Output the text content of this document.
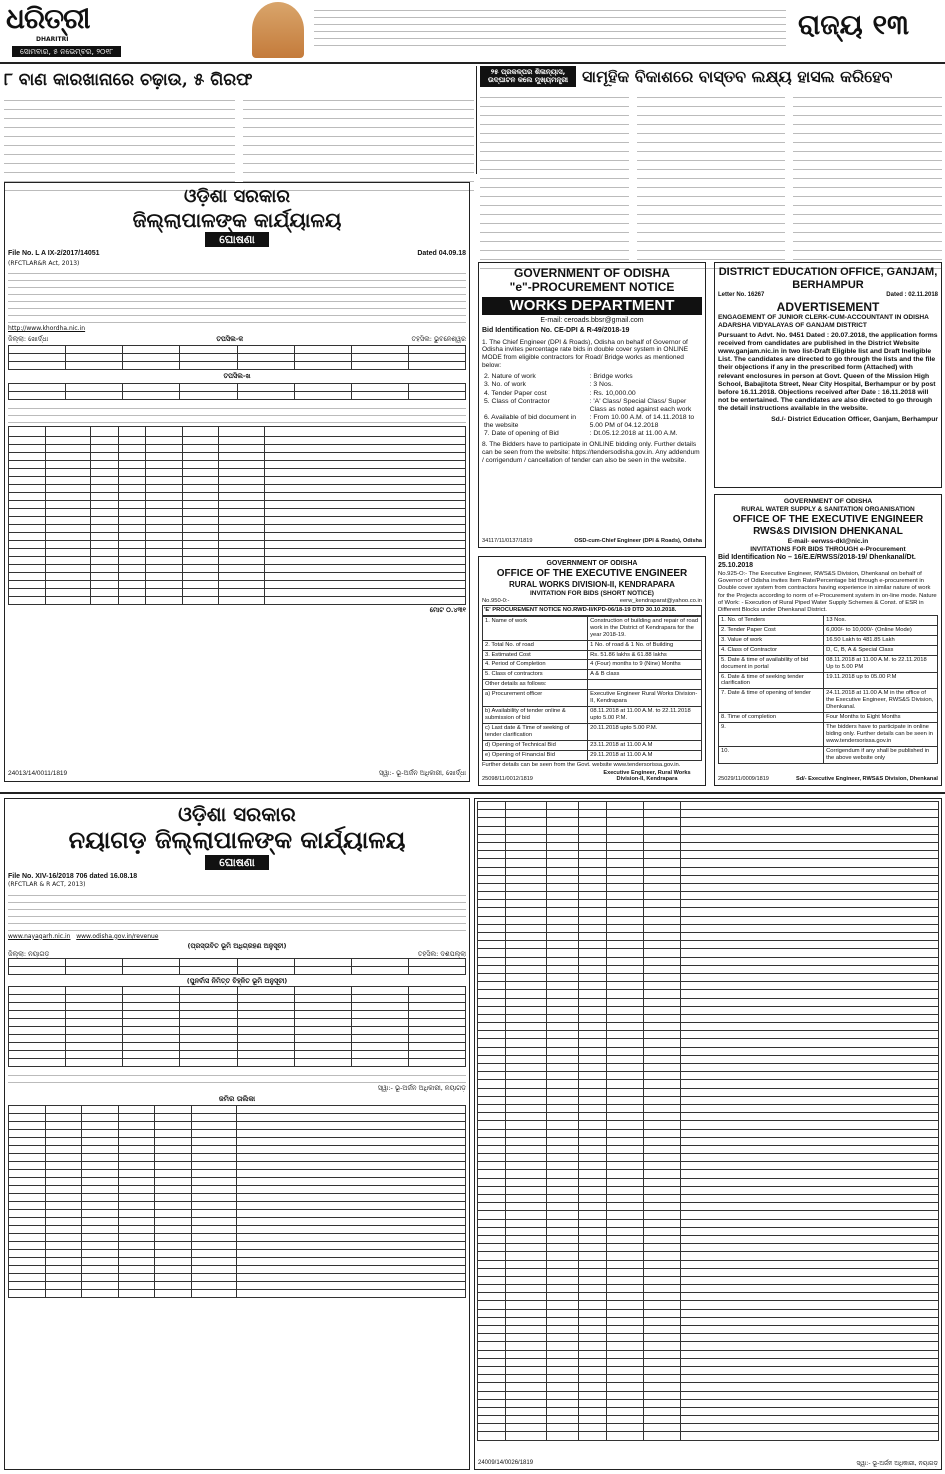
ଧରିତ୍ରୀ
DHARITRI
ସୋମବାର, ୫ ନଭେମ୍ବର, ୨୦୧୮
ରାଜ୍ୟ ୧୩
୮ ବାଣ କାରଖାନାରେ ଚଢ଼ାଉ, ୫ ଗିରଫ	୨୫ ପ୍ରକଳ୍ପର ଶିଳାନ୍ୟାସ, ଉଦ୍‌ଘାଟନ କଲେ ମୁଖ୍ୟମନ୍ତ୍ରୀ ସାମୂହିକ ବିକାଶରେ ବାସ୍ତବ ଲକ୍ଷ୍ୟ ହାସଲ କରିହେବ
ଓଡ଼ିଶା ସରକାର
ଜିଲ୍ଲାପାଳଙ୍କ କାର୍ଯ୍ୟାଳୟ
ଘୋଷଣା
File No. L A IX-2/2017/14051	Dated 04.09.18
(RFCTLAR&R Act, 2013)
http://www.khordha.nic.in
ଜିଲ୍ଲା: ଖୋର୍ଦ୍ଧା	ତପସିଲ-କ	ତହସିଲ: ଭୁବନେଶ୍ୱର

ତପସିଲ-ଖ

ମୋଟ ୦.୪୩୧
24013/14/0011/1819	ସ୍ୱା:- ଭୂ-ଅର୍ଜନ ଅଧିକାରୀ, ଖୋର୍ଦ୍ଧା
GOVERNMENT OF ODISHA
"e"-PROCUREMENT NOTICE
WORKS DEPARTMENT
E-mail: ceroads.bbsr@gmail.com
Bid Identification No. CE-DPI & R-49/2018-19
1. The Chief Engineer (DPI & Roads), Odisha on behalf of Governor of Odisha invites percentage rate bids in double cover system in ONLINE MODE from eligible contractors for Road/ Bridge works as mentioned below:
2. Nature of work	: Bridge works
3. No. of work	: 3 Nos.
4. Tender Paper cost	: Rs. 10,000.00
5. Class of Contractor	: 'A' Class/ Special Class/ Super Class as noted against each work
6. Available of bid document in the website	: From 10.00 A.M. of 14.11.2018 to 5.00 PM of 04.12.2018
7. Date of opening of Bid	: Dt.05.12.2018 at 11.00 A.M.
8. The Bidders have to participate in ONLINE bidding only. Further details can be seen from the website: https://tendersodisha.gov.in. Any addendum / corrigendum / cancellation of tender can also be seen in the website.
34117/11/0137/1819	OSD-cum-Chief Engineer (DPI & Roads), Odisha
DISTRICT EDUCATION OFFICE, GANJAM, BERHAMPUR
Letter No. 16267	Dated : 02.11.2018
ADVERTISEMENT
ENGAGEMENT OF JUNIOR CLERK-CUM-ACCOUNTANT IN ODISHA ADARSHA VIDYALAYAS OF GANJAM DISTRICT
Pursuant to Advt. No. 9451 Dated : 20.07.2018, the application forms received from candidates are published in the District Website www.ganjam.nic.in in two list-Draft Eligible list and Draft Ineligible List. The candidates are directed to go through the lists and the file their objections if any in the prescribed form (Attached) with relevant enclosures in person at Govt. Queen of the Mission High School, Babajitota Street, Near City Hospital, Berhampur or by post before 16.11.2018. Objections received after Date : 16.11.2018 will not be entertained. The candidates are also directed to go through the detail instructions available in the website.
Sd./- District Education Officer, Ganjam, Berhampur
GOVERNMENT OF ODISHA
OFFICE OF THE EXECUTIVE ENGINEER
RURAL WORKS DIVISION-II, KENDRAPARA
INVITATION FOR BIDS (SHORT NOTICE)
No.950-0:-	eerw_kendraparat@yahoo.co.in
'E' PROCUREMENT NOTICE NO.RWD-II/KPD-06/18-19 DTD 30.10.2018.
1. Name of work	Construction of building and repair of road work in the District of Kendrapara for the year 2018-19.
2. Total No. of road	1 No. of road & 1 No. of Building
3. Estimated Cost	Rs. 51.86 lakhs & 61.88 lakhs
4. Period of Completion	4 (Four) months to 9 (Nine) Months
5. Class of contractors	A & B class
Other details as follows:	
a) Procurement officer	Executive Engineer Rural Works Division-II, Kendrapara
b) Availability of tender online & submission of bid	08.11.2018 at 11.00 A.M. to 22.11.2018 upto 5.00 P.M.
c) Last date & Time of seeking of tender clarification	20.11.2018 upto 5.00 P.M.
d) Opening of Technical Bid	23.11.2018 at 11.00 A.M
e) Opening of Financial Bid	29.11.2018 at 11.00 A.M
Further details can be seen from the Govt. website www.tendersorissa.gov.in.
25098/11/0012/1819
Executive Engineer, Rural Works Division-II, Kendrapara
GOVERNMENT OF ODISHA
RURAL WATER SUPPLY & SANITATION ORGANISATION
OFFICE OF THE EXECUTIVE ENGINEER
RWS&S DIVISION DHENKANAL
E-mail- eerwss-dkl@nic.in
INVITATIONS FOR BIDS THROUGH e-Procurement
Bid Identification No – 16/E.E/RWSS/2018-19/ Dhenkanal/Dt. 25.10.2018
No.925-O:- The Executive Engineer, RWS&S Division, Dhenkanal on behalf of Governor of Odisha invites Item Rate/Percentage bid through e-procurement in Double cover system from contractors having experience in similar nature of work for the Projects according to norm of e-Procurement system in on-line mode. Nature of Work: - Execution of Rural Piped Water Supply Schemes & Const. of ESR in Different Blocks under Dhenkanal District.
1. No. of Tenders	13 Nos.
2. Tender Paper Cost	6,000/- to 10,000/- (Online Mode)
3. Value of work	16.50 Lakh to 481.85 Lakh
4. Class of Contractor	D, C, B, A & Special Class
5. Date & time of availability of bid document in portal	08.11.2018 at 11.00 A.M. to 22.11.2018 Up to 5.00 PM
6. Date & time of seeking tender clarification	19.11.2018 up to 05.00 P.M
7. Date & time of opening of tender	24.11.2018 at 11.00 A.M in the office of the Executive Engineer, RWS&S Division, Dhenkanal.
8. Time of completion	Four Months to Eight Months
9.	The bidders have to participate in online biding only. Further details can be seen in www.tendersorissa.gov.in
10.	Corrigendum if any shall be published in the above website only
25029/11/0009/1819	Sd/- Executive Engineer, RWS&S Division, Dhenkanal
ଓଡ଼ିଶା ସରକାର
ନୟାଗଡ଼ ଜିଲ୍ଲାପାଳଙ୍କ କାର୍ଯ୍ୟାଳୟ
ଘୋଷଣା
File No. XIV-16/2018 706 dated 16.08.18
(RFCTLAR & R ACT, 2013)
www.nayagarh.nic.in www.odisha.gov.in/revenue
(ପ୍ରସ୍ତାବିତ ଭୂମି ଅଧିଗ୍ରହଣ ଅନୁସୂଚୀ)
ଜିଲ୍ଲା: ନୟାଗଡ଼	ତହସିଲ: ଦଶପଲ୍ଲା

(ପୁନର୍ବାସ ନିମିତ୍ତ ଚିହ୍ନିତ ଭୂମି ଅନୁସୂଚୀ)

ସ୍ୱା:- ଭୂ-ଅର୍ଜନ ଅଧିକାରୀ, ନୟାଗଡ଼
ଜମିର ତାଲିକା

24009/14/0026/1819	ସ୍ୱା:- ଭୂ-ଅର୍ଜନ ଅଧିକାରୀ, ନୟାଗଡ଼
